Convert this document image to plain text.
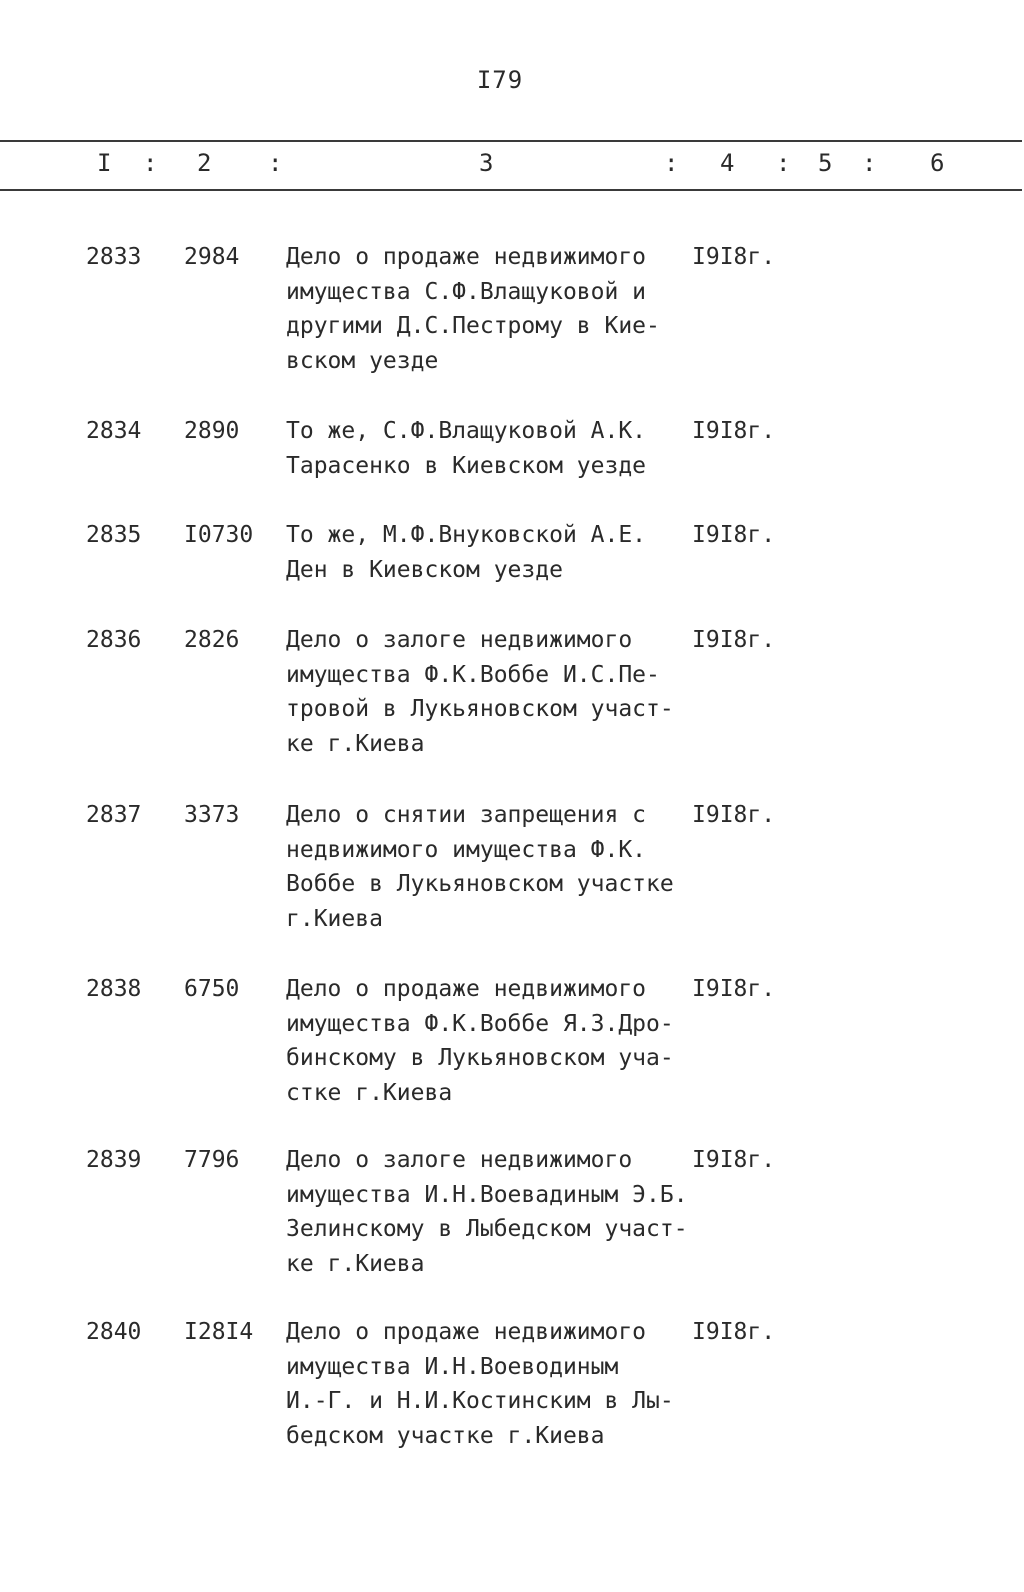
I79
I : 2 :	3	: 4 : 5 : 6
2833 2984 Дело о продаже недвижимого
имущества С.Ф.Влащуковой и
другими Д.С.Пестрому в Кие-
вском уезде
I9I8г.
2834 2890 То же, С.Ф.Влащуковой А.К.
Тарасенко в Киевском уезде
I9I8г.
2835 I0730 То же, М.Ф.Внуковской А.Е.
Ден в Киевском уезде
I9I8г.
2836 2826 Дело о залоге недвижимого
имущества Ф.К.Воббе И.С.Пе-
тровой в Лукьяновском участ-
ке г.Киева
I9I8г.
2837 3373 Дело о снятии запрещения с
недвижимого имущества Ф.К.
Воббе в Лукьяновском участке
г.Киева
I9I8г.
2838 6750 Дело о продаже недвижимого
имущества Ф.К.Воббе Я.З.Дро-
бинскому в Лукьяновском уча-
стке г.Киева
I9I8г.
2839 7796 Дело о залоге недвижимого
имущества И.Н.Воевадиным Э.Б.
Зелинскому в Лыбедском участ-
ке г.Киева
I9I8г.
2840 I28I4 Дело о продаже недвижимого
имущества И.Н.Воеводиным
И.-Г. и Н.И.Костинским в Лы-
бедском участке г.Киева
I9I8г.
